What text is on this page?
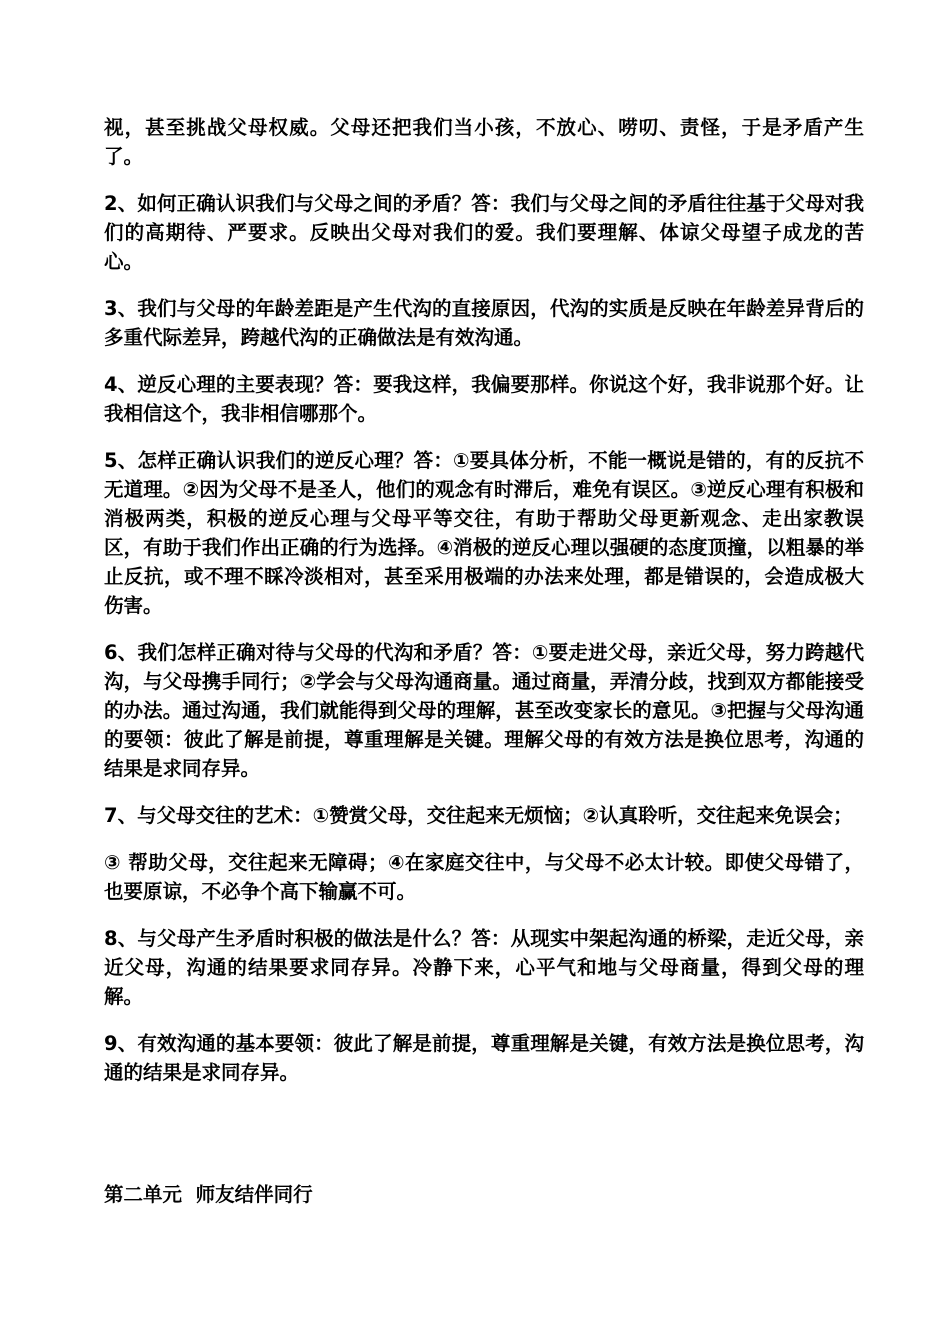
视，甚至挑战父母权威。父母还把我们当小孩，不放心、唠叨、责怪，于是矛盾产生了。

2、如何正确认识我们与父母之间的矛盾？答：我们与父母之间的矛盾往往基于父母对我们的高期待、严要求。反映出父母对我们的爱。我们要理解、体谅父母望子成龙的苦心。

3、我们与父母的年龄差距是产生代沟的直接原因，代沟的实质是反映在年龄差异背后的多重代际差异，跨越代沟的正确做法是有效沟通。

4、逆反心理的主要表现？答：要我这样，我偏要那样。你说这个好，我非说那个好。让我相信这个，我非相信哪那个。

5、怎样正确认识我们的逆反心理？答：①要具体分析，不能一概说是错的，有的反抗不无道理。②因为父母不是圣人，他们的观念有时滞后，难免有误区。③逆反心理有积极和消极两类，积极的逆反心理与父母平等交往，有助于帮助父母更新观念、走出家教误区，有助于我们作出正确的行为选择。④消极的逆反心理以强硬的态度顶撞，以粗暴的举止反抗，或不理不睬冷淡相对，甚至采用极端的办法来处理，都是错误的，会造成极大伤害。

6、我们怎样正确对待与父母的代沟和矛盾？答：①要走进父母，亲近父母，努力跨越代沟，与父母携手同行；②学会与父母沟通商量。通过商量，弄清分歧，找到双方都能接受的办法。通过沟通，我们就能得到父母的理解，甚至改变家长的意见。③把握与父母沟通的要领：彼此了解是前提，尊重理解是关键。理解父母的有效方法是换位思考，沟通的结果是求同存异。

7、与父母交往的艺术：①赞赏父母，交往起来无烦恼；②认真聆听，交往起来免误会；

③ 帮助父母，交往起来无障碍；④在家庭交往中，与父母不必太计较。即使父母错了，也要原谅，不必争个高下输赢不可。

8、与父母产生矛盾时积极的做法是什么？答：从现实中架起沟通的桥梁，走近父母，亲近父母，沟通的结果要求同存异。冷静下来，心平气和地与父母商量，得到父母的理解。

9、有效沟通的基本要领：彼此了解是前提，尊重理解是关键，有效方法是换位思考，沟通的结果是求同存异。

第二单元  师友结伴同行
